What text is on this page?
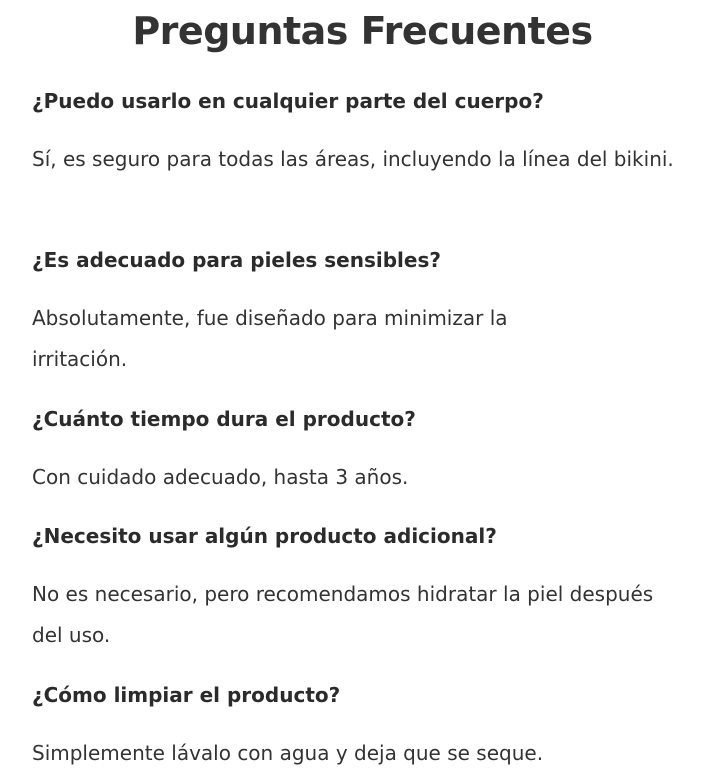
Preguntas Frecuentes
¿Puedo usarlo en cualquier parte del cuerpo?

Sí, es seguro para todas las áreas, incluyendo la línea del bikini.

¿Es adecuado para pieles sensibles?

Absolutamente, fue diseñado para minimizar la irritación.

¿Cuánto tiempo dura el producto?

Con cuidado adecuado, hasta 3 años.

¿Necesito usar algún producto adicional?

No es necesario, pero recomendamos hidratar la piel después del uso.

¿Cómo limpiar el producto?

Simplemente lávalo con agua y deja que se seque.
